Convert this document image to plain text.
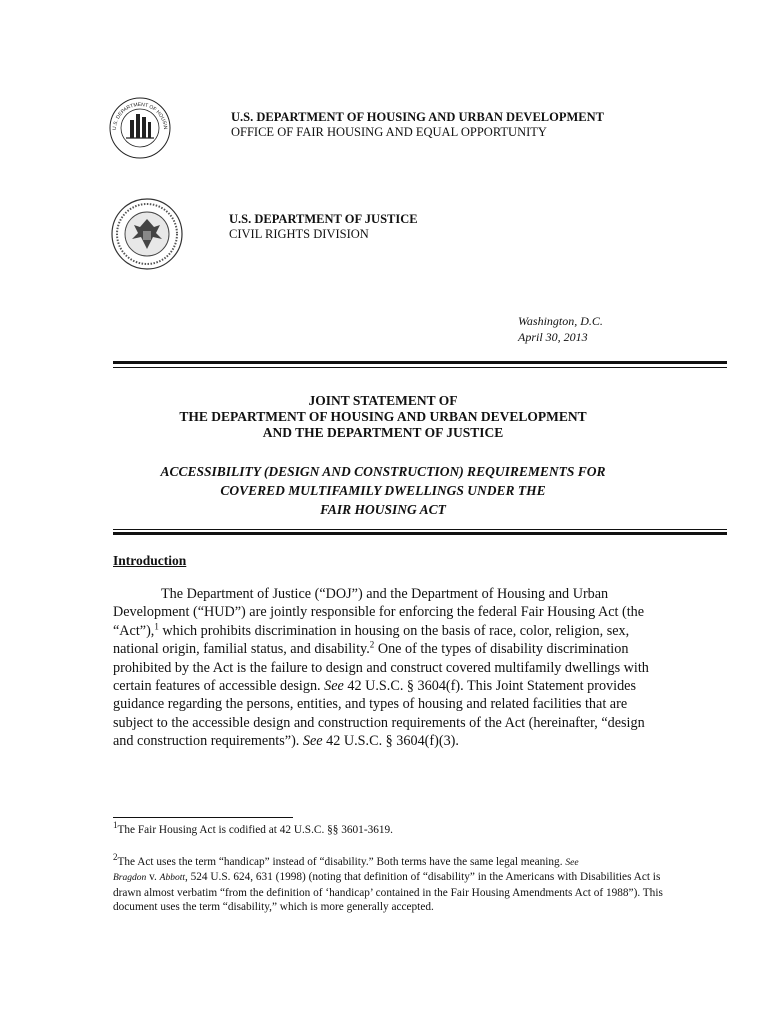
U.S. DEPARTMENT OF HOUSIN
U.S. DEPARTMENT OF HOUSING AND URBAN DEVELOPMENT
OFFICE OF FAIR HOUSING AND EQUAL OPPORTUNITY
U.S. DEPARTMENT OF JUSTICE
CIVIL RIGHTS DIVISION
Washington, D.C.
April 30, 2013
JOINT STATEMENT OF
THE DEPARTMENT OF HOUSING AND URBAN DEVELOPMENT
AND THE DEPARTMENT OF JUSTICE
ACCESSIBILITY (DESIGN AND CONSTRUCTION) REQUIREMENTS FOR
COVERED MULTIFAMILY DWELLINGS UNDER THE
FAIR HOUSING ACT
Introduction

The Department of Justice (“DOJ”) and the Department of Housing and Urban Development (“HUD”) are jointly responsible for enforcing the federal Fair Housing Act (the “Act”),$^1$ which prohibits discrimination in housing on the basis of race, color, religion, sex, national origin, familial status, and disability.$^2$ One of the types of disability discrimination prohibited by the Act is the failure to design and construct covered multifamily dwellings with certain features of accessible design. See 42 U.S.C. § 3604(f). This Joint Statement provides guidance regarding the persons, entities, and types of housing and related facilities that are subject to the accessible design and construction requirements of the Act (hereinafter, “design and construction requirements”). See 42 U.S.C. § 3604(f)(3).

$^1$The Fair Housing Act is codified at 42 U.S.C. §§ 3601-3619.
$^2$The Act uses the term “handicap” instead of “disability.” Both terms have the same legal meaning. See
Bragdon v. Abbott, 524 U.S. 624, 631 (1998) (noting that definition of “disability” in the Americans with Disabilities Act is drawn almost verbatim “from the definition of ‘handicap’ contained in the Fair Housing Amendments Act of 1988”). This document uses the term “disability,” which is more generally accepted.
